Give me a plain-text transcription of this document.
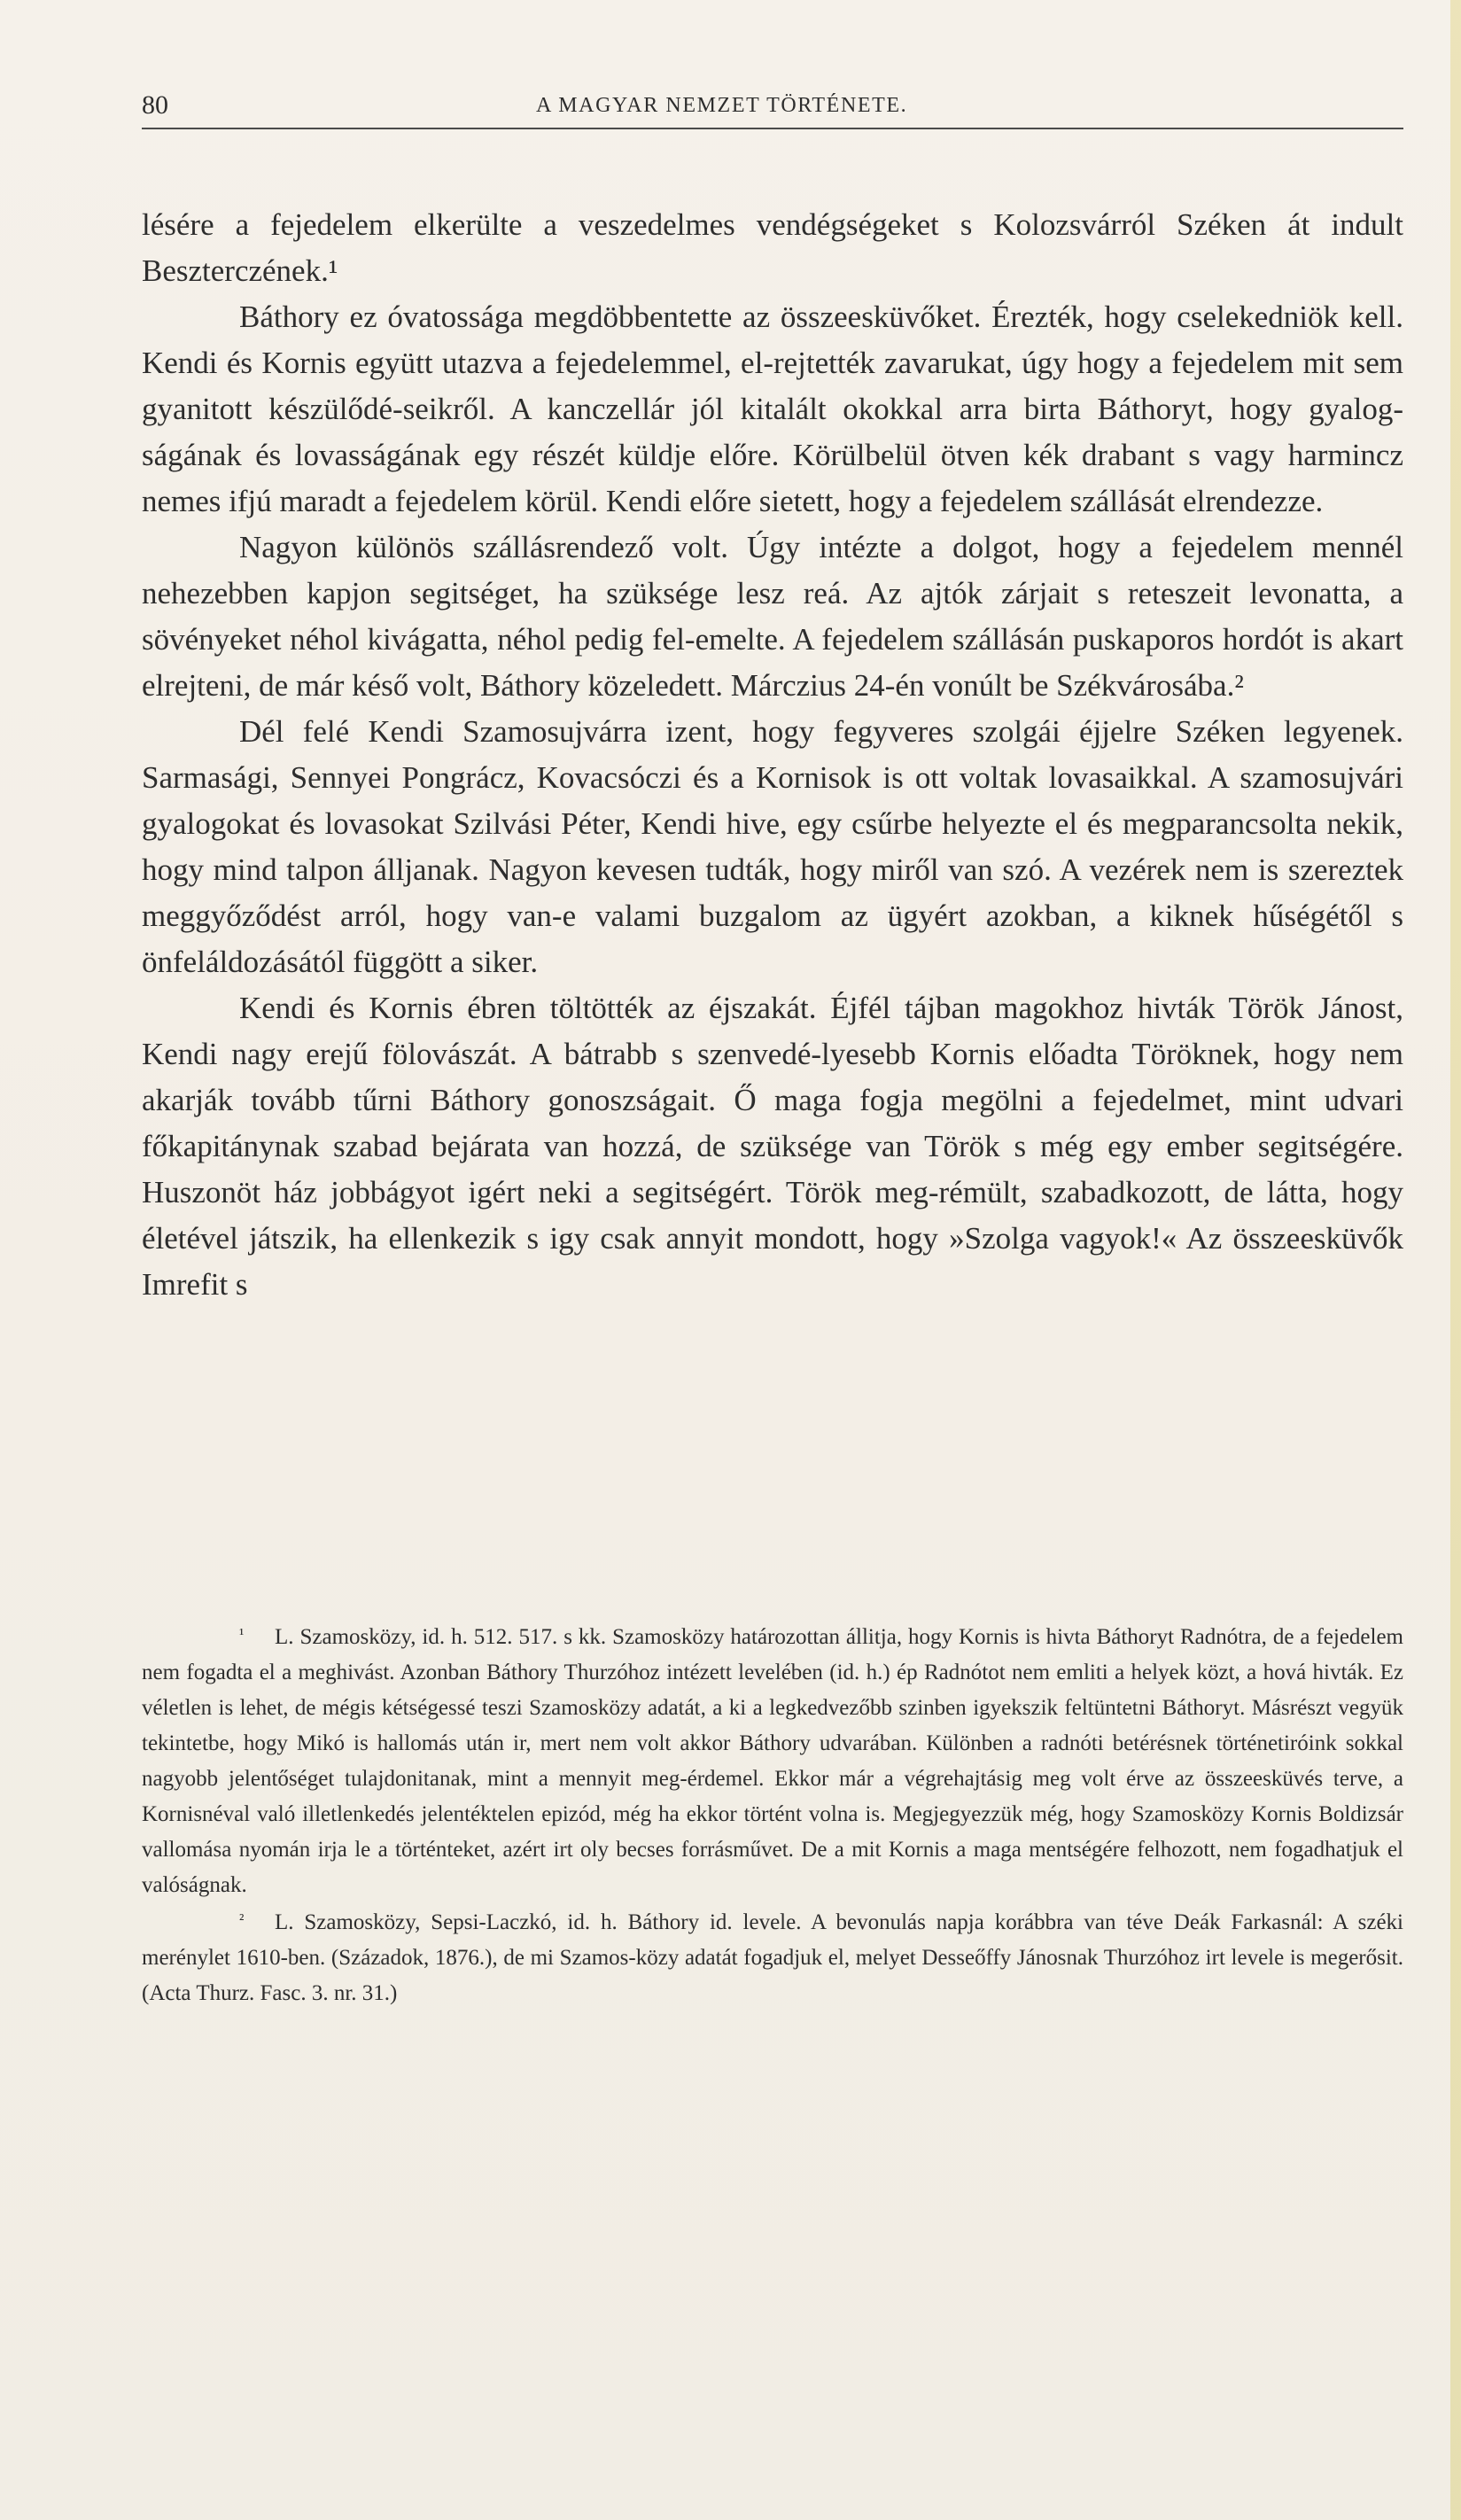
80	A MAGYAR NEMZET TÖRTÉNETE.

lésére a fejedelem elkerülte a veszedelmes vendégségeket s Kolozsvárról Széken át indult Beszterczének.¹

Báthory ez óvatossága megdöbbentette az összeesküvőket. Érezték, hogy cselekedniök kell. Kendi és Kornis együtt utazva a fejedelemmel, el-rejtették zavarukat, úgy hogy a fejedelem mit sem gyanitott készülődé-seikről. A kanczellár jól kitalált okokkal arra birta Báthoryt, hogy gyalog-ságának és lovasságának egy részét küldje előre. Körülbelül ötven kék drabant s vagy harmincz nemes ifjú maradt a fejedelem körül. Kendi előre sietett, hogy a fejedelem szállását elrendezze.

Nagyon különös szállásrendező volt. Úgy intézte a dolgot, hogy a fejedelem mennél nehezebben kapjon segitséget, ha szüksége lesz reá. Az ajtók zárjait s reteszeit levonatta, a sövényeket néhol kivágatta, néhol pedig fel-emelte. A fejedelem szállásán puskaporos hordót is akart elrejteni, de már késő volt, Báthory közeledett. Márczius 24-én vonúlt be Székvárosába.²

Dél felé Kendi Szamosujvárra izent, hogy fegyveres szolgái éjjelre Széken legyenek. Sarmasági, Sennyei Pongrácz, Kovacsóczi és a Kornisok is ott voltak lovasaikkal. A szamosujvári gyalogokat és lovasokat Szilvási Péter, Kendi hive, egy csűrbe helyezte el és megparancsolta nekik, hogy mind talpon álljanak. Nagyon kevesen tudták, hogy miről van szó. A vezérek nem is szereztek meggyőződést arról, hogy van-e valami buzgalom az ügyért azokban, a kiknek hűségétől s önfeláldozásától függött a siker.

Kendi és Kornis ébren töltötték az éjszakát. Éjfél tájban magokhoz hivták Török Jánost, Kendi nagy erejű fölovászát. A bátrabb s szenvedé-lyesebb Kornis előadta Töröknek, hogy nem akarják tovább tűrni Báthory gonoszságait. Ő maga fogja megölni a fejedelmet, mint udvari főkapitánynak szabad bejárata van hozzá, de szüksége van Török s még egy ember segitségére. Huszonöt ház jobbágyot igért neki a segitségért. Török meg-rémült, szabadkozott, de látta, hogy életével játszik, ha ellenkezik s igy csak annyit mondott, hogy »Szolga vagyok!« Az összeesküvők Imrefit s

¹ L. Szamosközy, id. h. 512. 517. s kk. Szamosközy határozottan állitja, hogy Kornis is hivta Báthoryt Radnótra, de a fejedelem nem fogadta el a meghivást. Azonban Báthory Thurzóhoz intézett levelében (id. h.) ép Radnótot nem emliti a helyek közt, a hová hivták. Ez véletlen is lehet, de mégis kétségessé teszi Szamosközy adatát, a ki a legkedvezőbb szinben igyekszik feltüntetni Báthoryt. Másrészt vegyük tekintetbe, hogy Mikó is hallomás után ir, mert nem volt akkor Báthory udvarában. Különben a radnóti betérésnek történetiróink sokkal nagyobb jelentőséget tulajdonitanak, mint a mennyit meg-érdemel. Ekkor már a végrehajtásig meg volt érve az összeesküvés terve, a Kornisnéval való illetlenkedés jelentéktelen epizód, még ha ekkor történt volna is. Megjegyezzük még, hogy Szamosközy Kornis Boldizsár vallomása nyomán irja le a történteket, azért irt oly becses forrásművet. De a mit Kornis a maga mentségére felhozott, nem fogadhatjuk el valóságnak.

² L. Szamosközy, Sepsi-Laczkó, id. h. Báthory id. levele. A bevonulás napja korábbra van téve Deák Farkasnál: A széki merénylet 1610-ben. (Századok, 1876.), de mi Szamos-közy adatát fogadjuk el, melyet Desseőffy Jánosnak Thurzóhoz irt levele is megerősit. (Acta Thurz. Fasc. 3. nr. 31.)
